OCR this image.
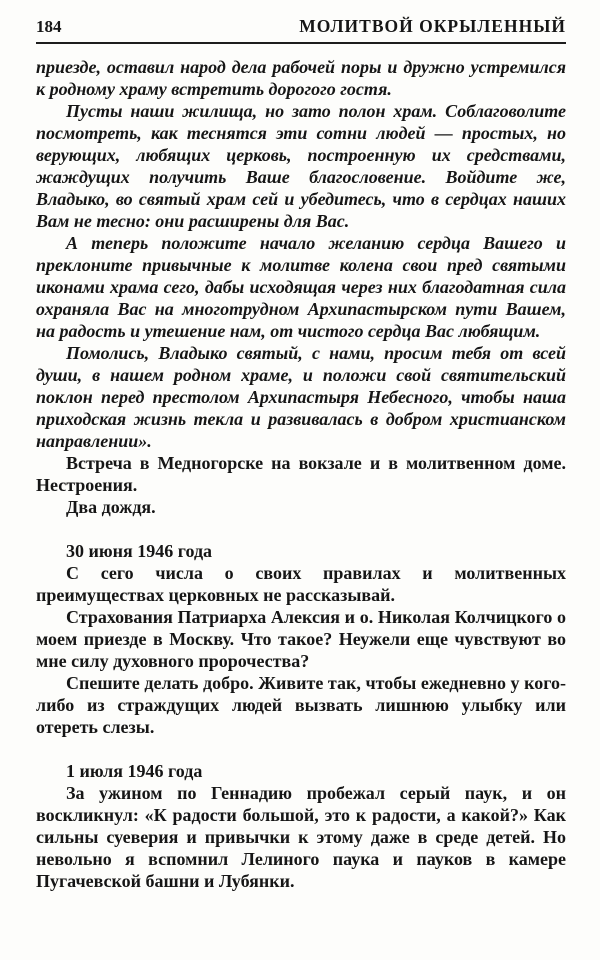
184	МОЛИТВОЙ ОКРЫЛЕННЫЙ

приезде, оставил народ дела рабочей поры и дружно устремился к родному храму встретить дорогого гостя.

Пусты наши жилища, но зато полон храм. Соблаговолите посмотреть, как теснятся эти сотни людей — простых, но верующих, любящих церковь, построенную их средствами, жаждущих получить Ваше благословение. Войдите же, Владыко, во святый храм сей и убедитесь, что в сердцах наших Вам не тесно: они расширены для Вас.

А теперь положите начало желанию сердца Вашего и преклоните привычные к молитве колена свои пред святыми иконами храма сего, дабы исходящая через них благодатная сила охраняла Вас на многотрудном Архипастырском пути Вашем, на радость и утешение нам, от чистого сердца Вас любящим.

Помолись, Владыко святый, с нами, просим тебя от всей души, в нашем родном храме, и положи свой святительский поклон перед престолом Архипастыря Небесного, чтобы наша приходская жизнь текла и развивалась в добром христианском направлении».

Встреча в Медногорске на вокзале и в молитвенном доме. Нестроения.

Два дождя.

30 июня 1946 года

С сего числа о своих правилах и молитвенных преимуществах церковных не рассказывай.

Страхования Патриарха Алексия и о. Николая Колчицкого о моем приезде в Москву. Что такое? Неужели еще чувствуют во мне силу духовного пророчества?

Спешите делать добро. Живите так, чтобы ежедневно у кого-либо из страждущих людей вызвать лишнюю улыбку или отереть слезы.

1 июля 1946 года

За ужином по Геннадию пробежал серый паук, и он воскликнул: «К радости большой, это к радости, а какой?» Как сильны суеверия и привычки к этому даже в среде детей. Но невольно я вспомнил Лелиного паука и пауков в камере Пугачевской башни и Лубянки.
